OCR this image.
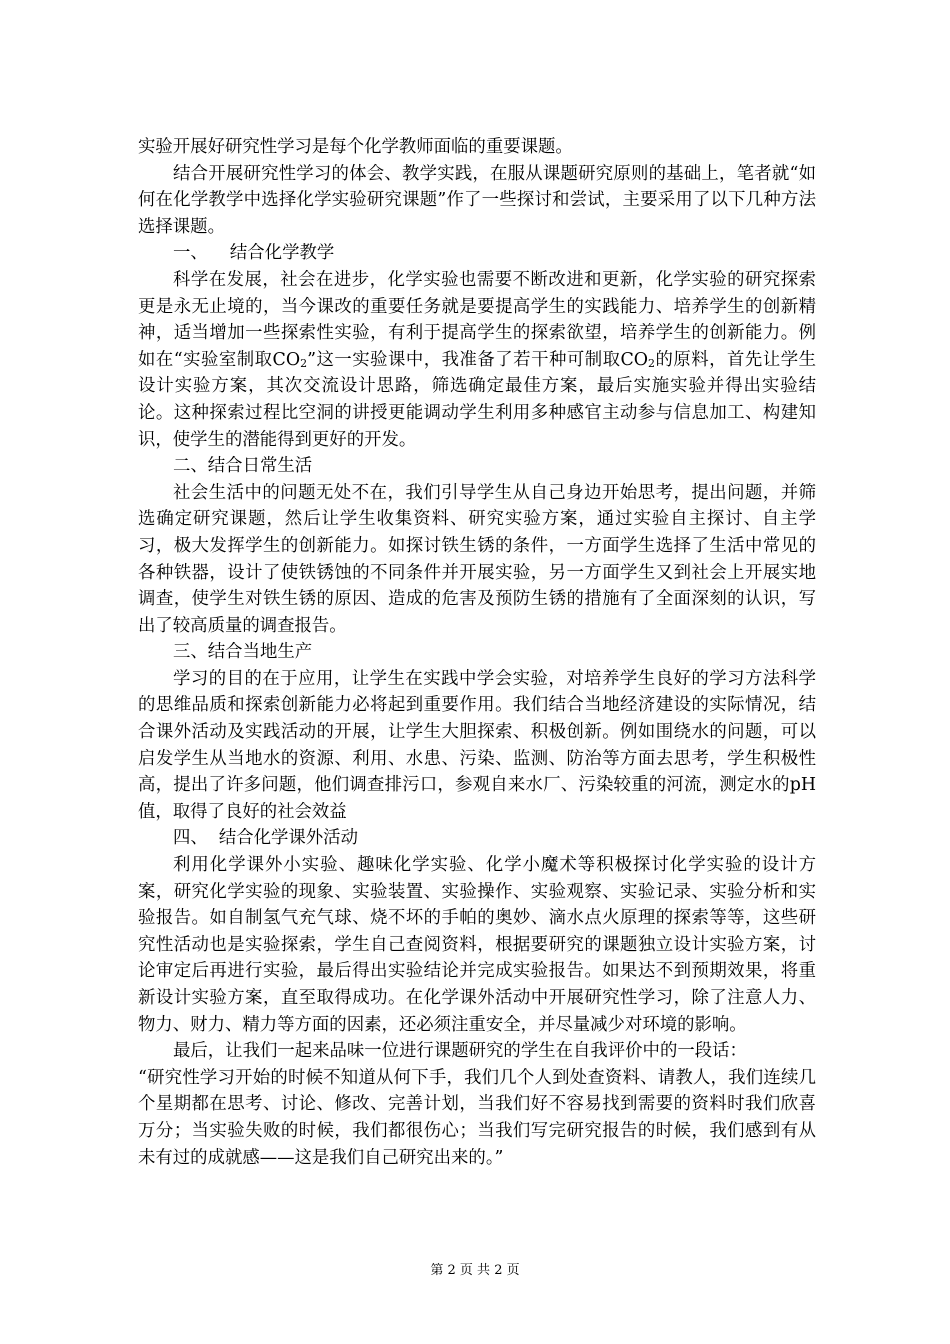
实验开展好研究性学习是每个化学教师面临的重要课题。

结合开展研究性学习的体会、教学实践，在服从课题研究原则的基础上，笔者就“如何在化学教学中选择化学实验研究课题”作了一些探讨和尝试，主要采用了以下几种方法选择课题。

一、    结合化学教学

科学在发展，社会在进步，化学实验也需要不断改进和更新，化学实验的研究探索更是永无止境的，当今课改的重要任务就是要提高学生的实践能力、培养学生的创新精神，适当增加一些探索性实验，有利于提高学生的探索欲望，培养学生的创新能力。例如在“实验室制取$CO_2$”这一实验课中，我准备了若干种可制取$CO_2$的原料，首先让学生设计实验方案，其次交流设计思路，筛选确定最佳方案，最后实施实验并得出实验结论。这种探索过程比空洞的讲授更能调动学生利用多种感官主动参与信息加工、构建知识，使学生的潜能得到更好的开发。

二、结合日常生活

社会生活中的问题无处不在，我们引导学生从自己身边开始思考，提出问题，并筛选确定研究课题，然后让学生收集资料、研究实验方案，通过实验自主探讨、自主学习，极大发挥学生的创新能力。如探讨铁生锈的条件，一方面学生选择了生活中常见的各种铁器，设计了使铁锈蚀的不同条件并开展实验，另一方面学生又到社会上开展实地调查，使学生对铁生锈的原因、造成的危害及预防生锈的措施有了全面深刻的认识，写出了较高质量的调查报告。

三、结合当地生产

学习的目的在于应用，让学生在实践中学会实验，对培养学生良好的学习方法科学的思维品质和探索创新能力必将起到重要作用。我们结合当地经济建设的实际情况，结合课外活动及实践活动的开展，让学生大胆探索、积极创新。例如围绕水的问题，可以启发学生从当地水的资源、利用、水患、污染、监测、防治等方面去思考，学生积极性高，提出了许多问题，他们调查排污口，参观自来水厂、污染较重的河流，测定水的pH值，取得了良好的社会效益

四、  结合化学课外活动

利用化学课外小实验、趣味化学实验、化学小魔术等积极探讨化学实验的设计方案，研究化学实验的现象、实验装置、实验操作、实验观察、实验记录、实验分析和实验报告。如自制氢气充气球、烧不坏的手帕的奥妙、滴水点火原理的探索等等，这些研究性活动也是实验探索，学生自己查阅资料，根据要研究的课题独立设计实验方案，讨论审定后再进行实验，最后得出实验结论并完成实验报告。如果达不到预期效果，将重新设计实验方案，直至取得成功。在化学课外活动中开展研究性学习，除了注意人力、物力、财力、精力等方面的因素，还必须注重安全，并尽量减少对环境的影响。

最后，让我们一起来品味一位进行课题研究的学生在自我评价中的一段话：

“研究性学习开始的时候不知道从何下手，我们几个人到处查资料、请教人，我们连续几个星期都在思考、讨论、修改、完善计划，当我们好不容易找到需要的资料时我们欣喜万分；当实验失败的时候，我们都很伤心；当我们写完研究报告的时候，我们感到有从未有过的成就感——这是我们自己研究出来的。”

第 2 页 共 2 页
